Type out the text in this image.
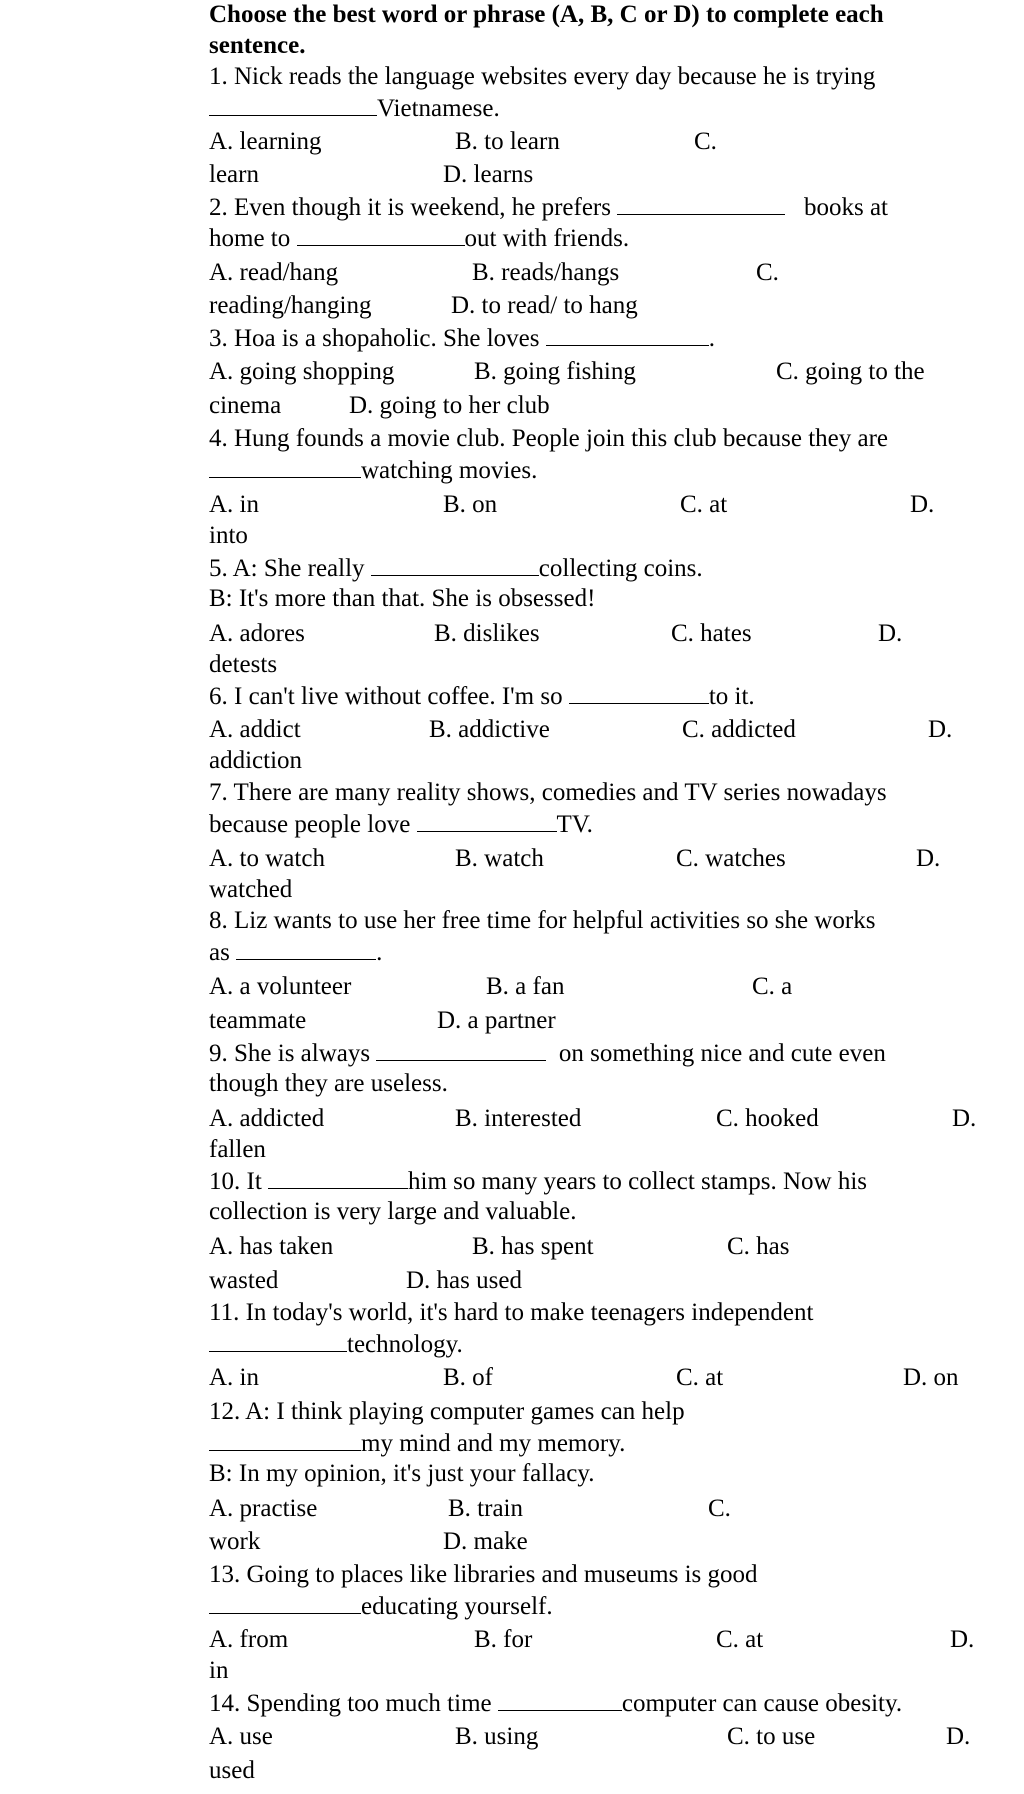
Choose the best word or phrase (A, B, C or D) to complete each

sentence.

1. Nick reads the language websites every day because he is trying

Vietnamese.

A. learning	B. to learn	C.

learn	D. learns

2. Even though it is weekend, he prefers	books at

home to	out with friends.

A. read/hang	B. reads/hangs	C.

reading/hanging	D. to read/ to hang

3. Hoa is a shopaholic. She loves	.

A. going shopping	B. going fishing	C. going to the

cinema	D. going to her club

4. Hung founds a movie club. People join this club because they are

watching movies.

A. in	B. on	C. at	D.

into

5. A: She really	collecting coins.

B: It's more than that. She is obsessed!

A. adores	B. dislikes	C. hates	D.

detests

6. I can't live without coffee. I'm so	to it.

A. addict	B. addictive	C. addicted	D.

addiction

7. There are many reality shows, comedies and TV series nowadays

because people love	TV.

A. to watch	B. watch	C. watches	D.

watched

8. Liz wants to use her free time for helpful activities so she works

as	.

A. a volunteer	B. a fan	C. a

teammate	D. a partner

9. She is always	on something nice and cute even

though they are useless.

A. addicted	B. interested	C. hooked	D.

fallen

10. It	him so many years to collect stamps. Now his

collection is very large and valuable.

A. has taken	B. has spent	C. has

wasted	D. has used

11. In today's world, it's hard to make teenagers independent

technology.

A. in	B. of	C. at	D. on

12. A: I think playing computer games can help

my mind and my memory.

B: In my opinion, it's just your fallacy.

A. practise	B. train	C.

work	D. make

13. Going to places like libraries and museums is good

educating yourself.

A. from	B. for	C. at	D.

in

14. Spending too much time	computer can cause obesity.

A. use	B. using	C. to use	D.

used
